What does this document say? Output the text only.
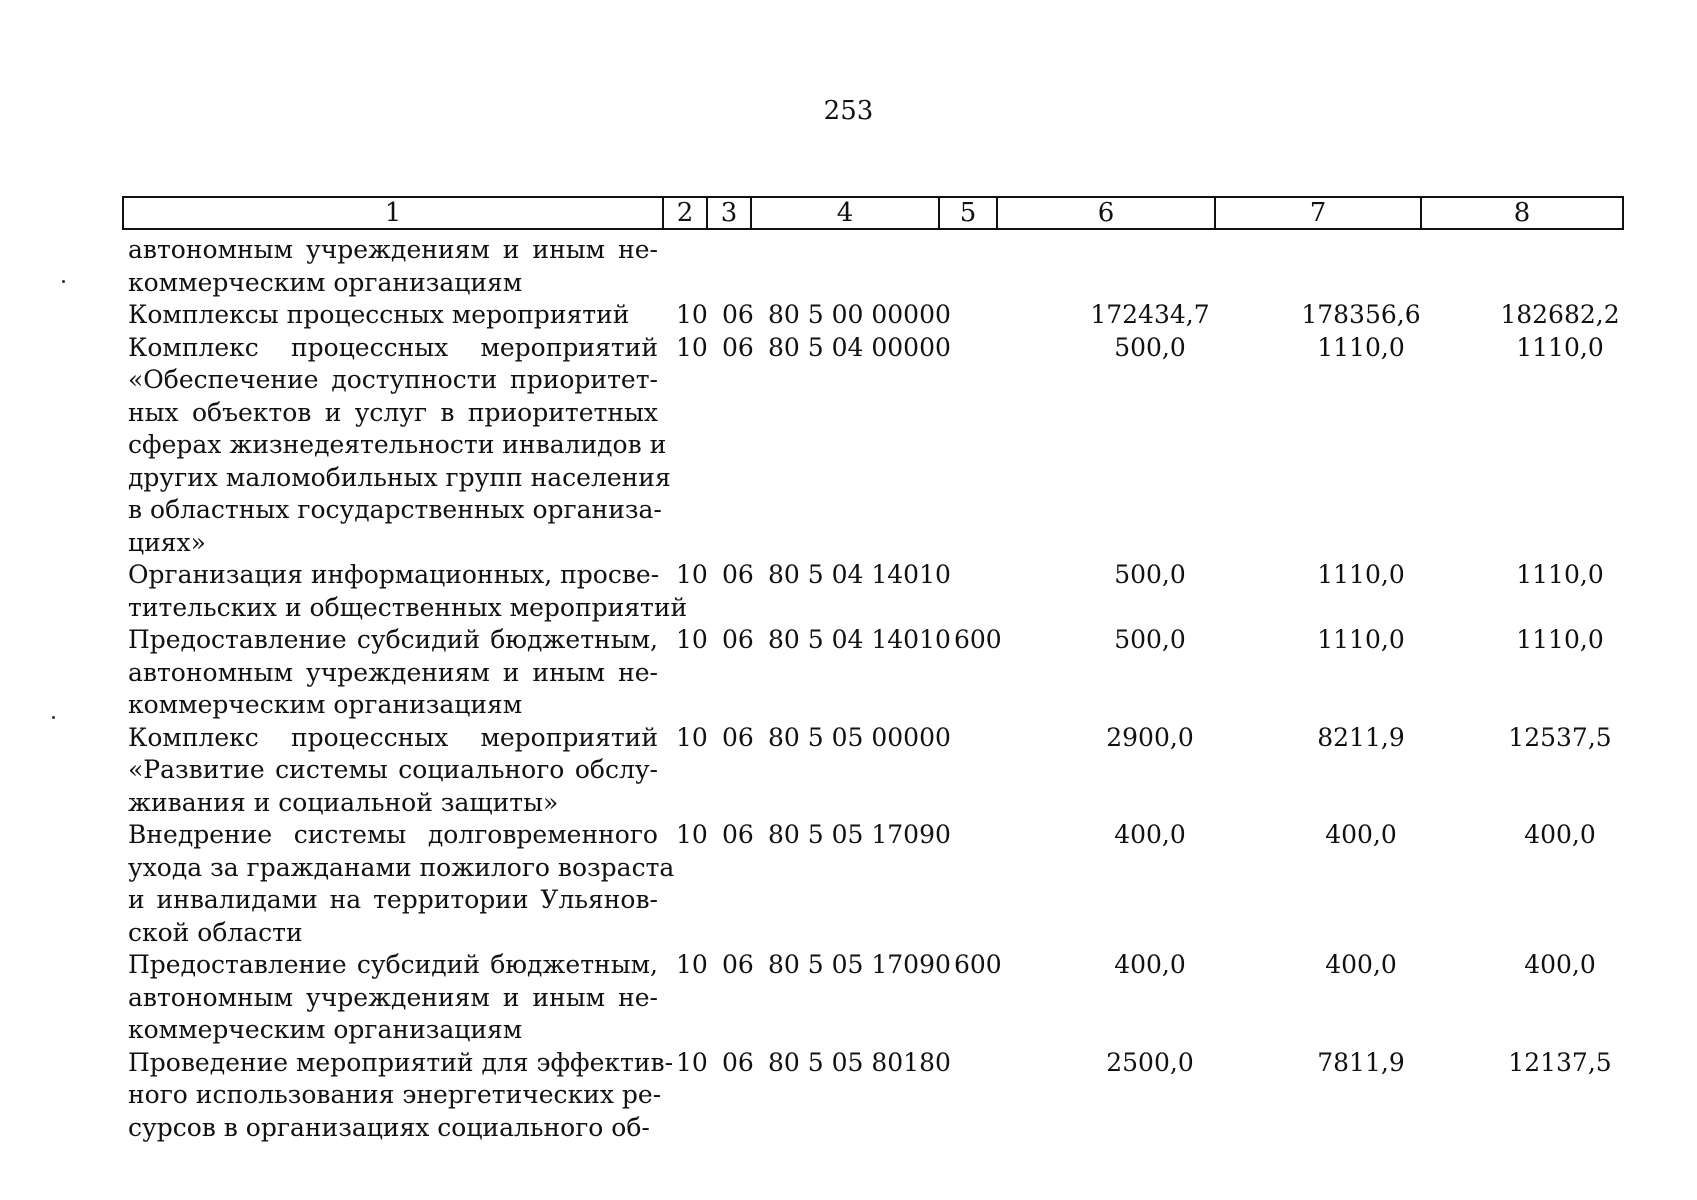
253
1	2	3	4	5	6	7	8
автономным учреждениям и иным не-
коммерческим организациям
Комплексы процессных мероприятий	10 06 80 5 00 00000	172434,7	178356,6	182682,2
Комплекс процессных мероприятий
«Обеспечение доступности приоритет-
ных объектов и услуг в приоритетных
сферах жизнедеятельности инвалидов и
других маломобильных групп населения
в областных государственных организа-
циях»
10 06 80 5 04 00000	500,0	1110,0	1110,0
Организация информационных, просве-
тительских и общественных мероприятий
10 06 80 5 04 14010	500,0	1110,0	1110,0
Предоставление субсидий бюджетным,
автономным учреждениям и иным не-
коммерческим организациям
10 06 80 5 04 14010 600	500,0	1110,0	1110,0
Комплекс процессных мероприятий
«Развитие системы социального обслу-
живания и социальной защиты»
10 06 80 5 05 00000	2900,0	8211,9	12537,5
Внедрение системы долговременного
ухода за гражданами пожилого возраста
и инвалидами на территории Ульянов-
ской области
10 06 80 5 05 17090	400,0	400,0	400,0
Предоставление субсидий бюджетным,
автономным учреждениям и иным не-
коммерческим организациям
10 06 80 5 05 17090 600	400,0	400,0	400,0
Проведение мероприятий для эффектив-
ного использования энергетических ре-
сурсов в организациях социального об-
10 06 80 5 05 80180	2500,0	7811,9	12137,5
